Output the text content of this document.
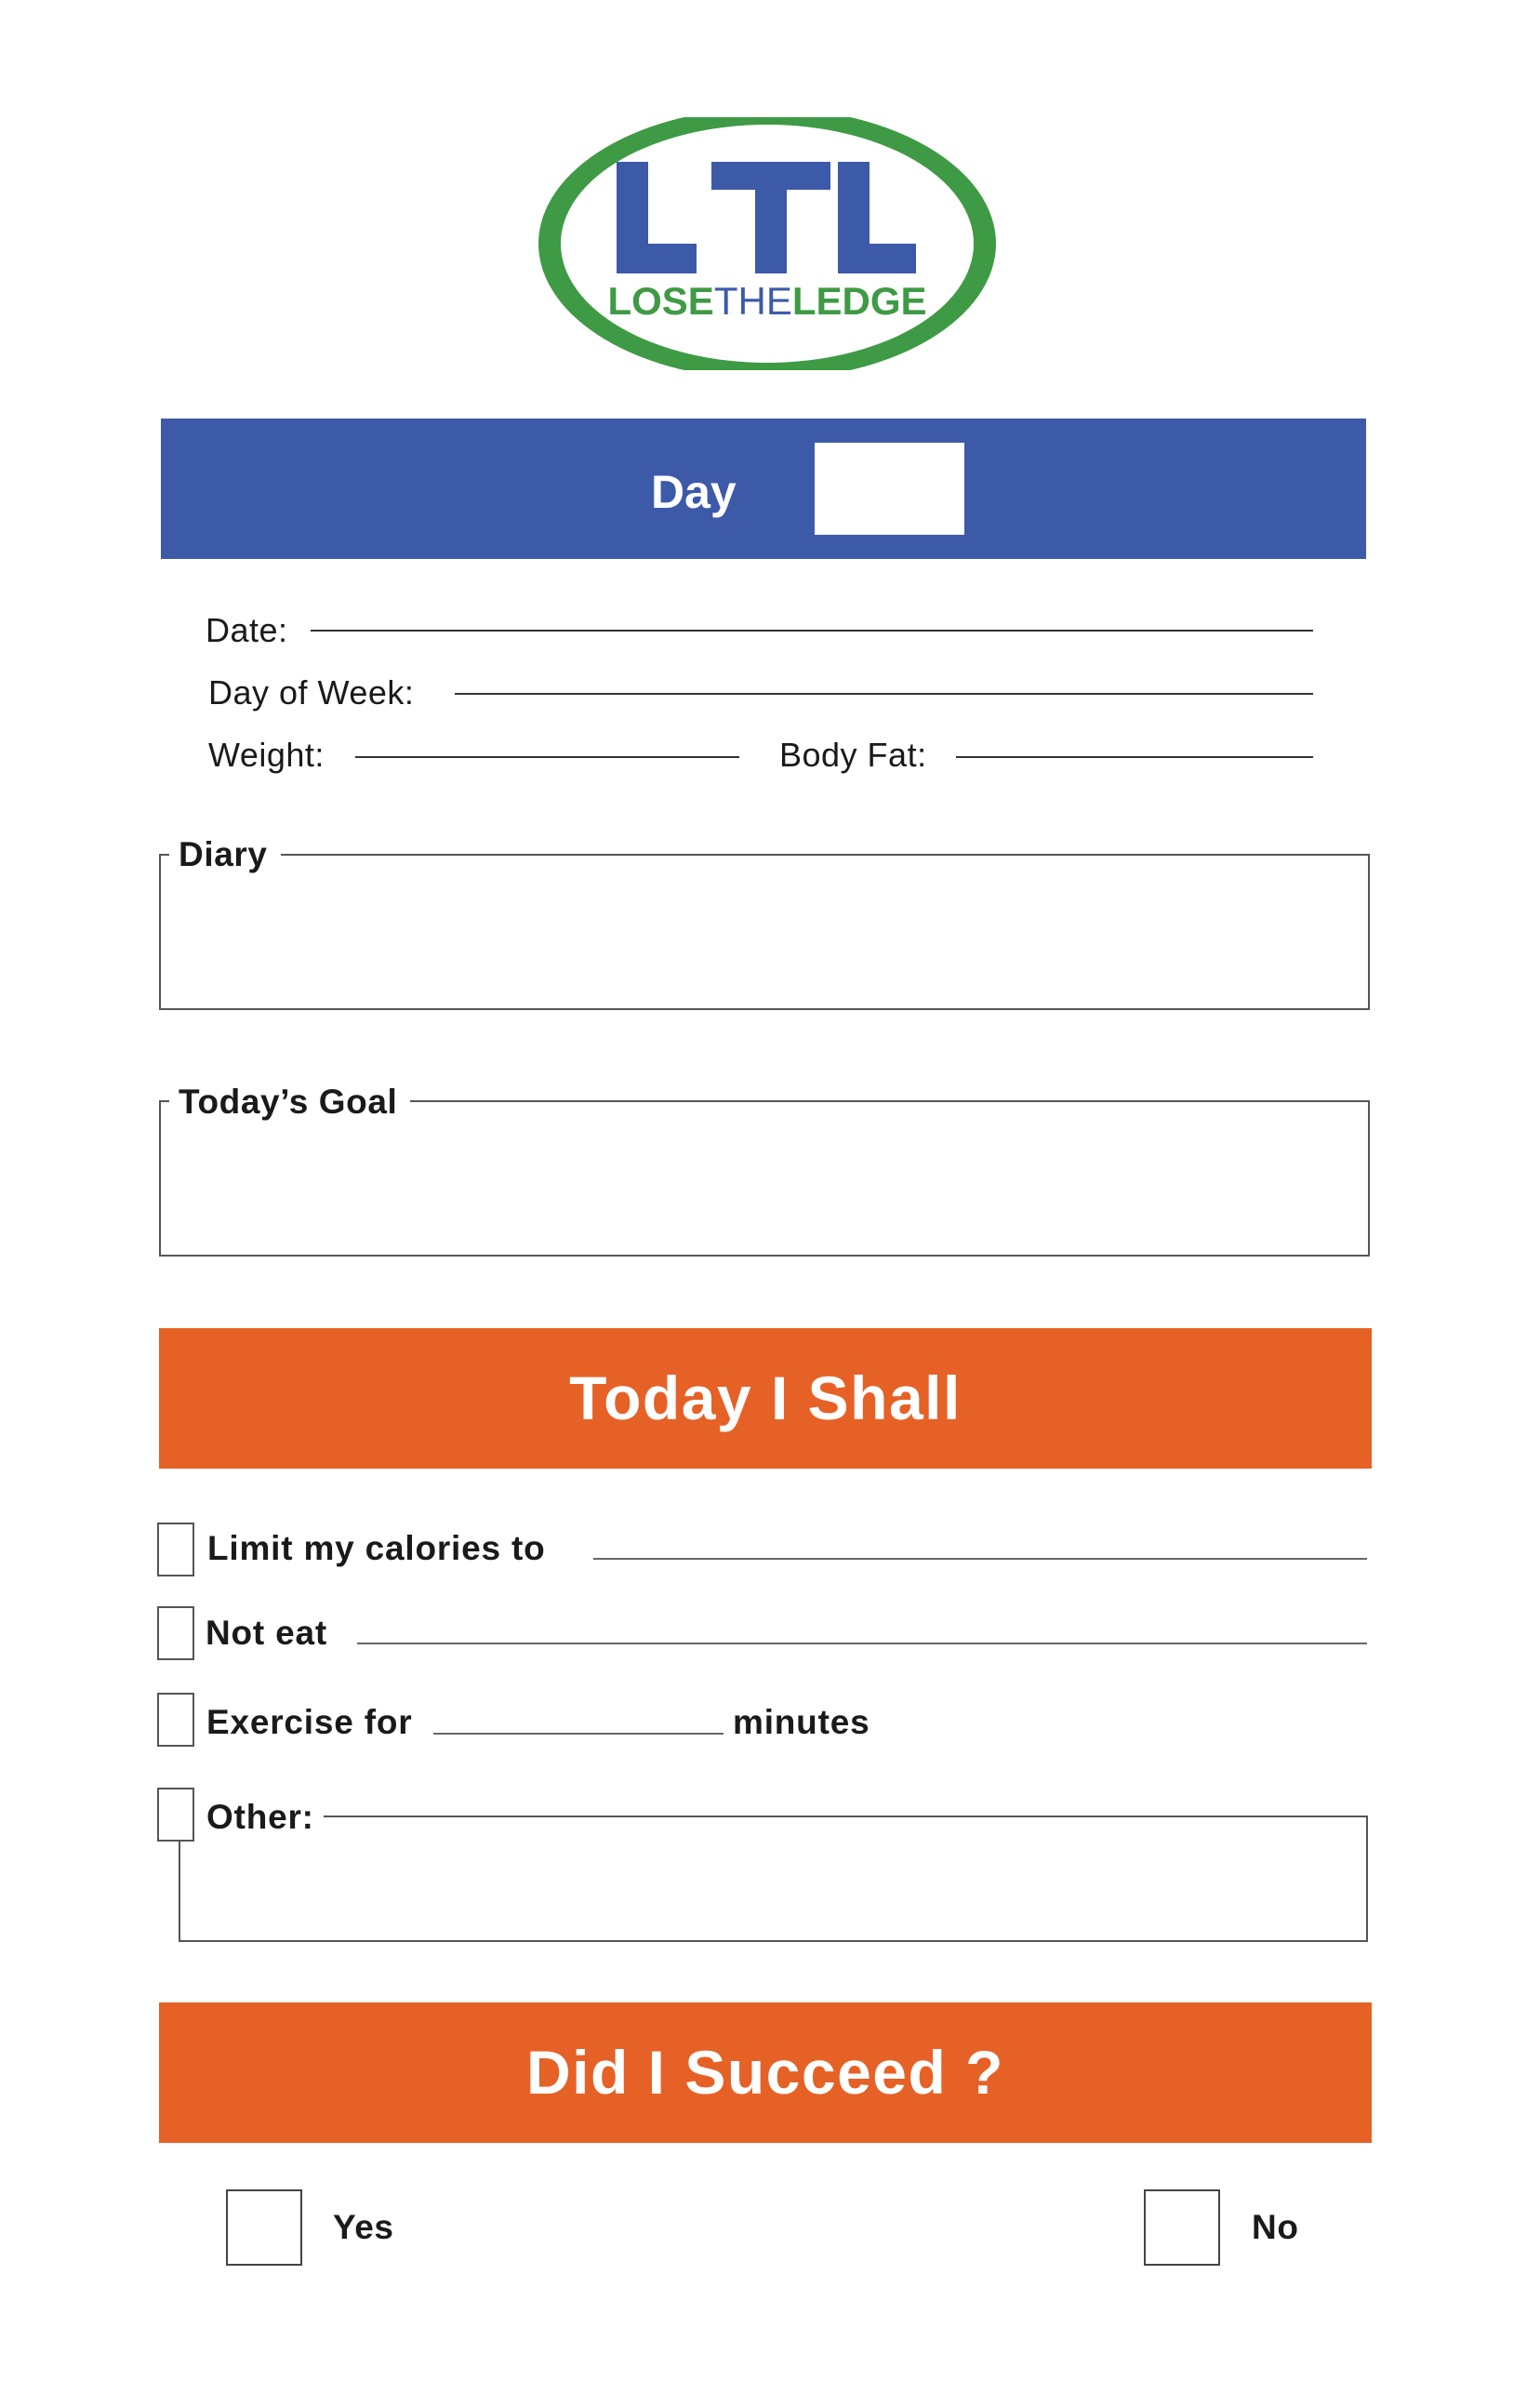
LOSETHELEDGE
Day
Date:
Day of Week:
Weight:	Body Fat:
Diary
Today’s Goal
Today I Shall
Limit my calories to
Not eat
Exercise for	minutes
Other:
Did I Succeed ?
Yes	No
